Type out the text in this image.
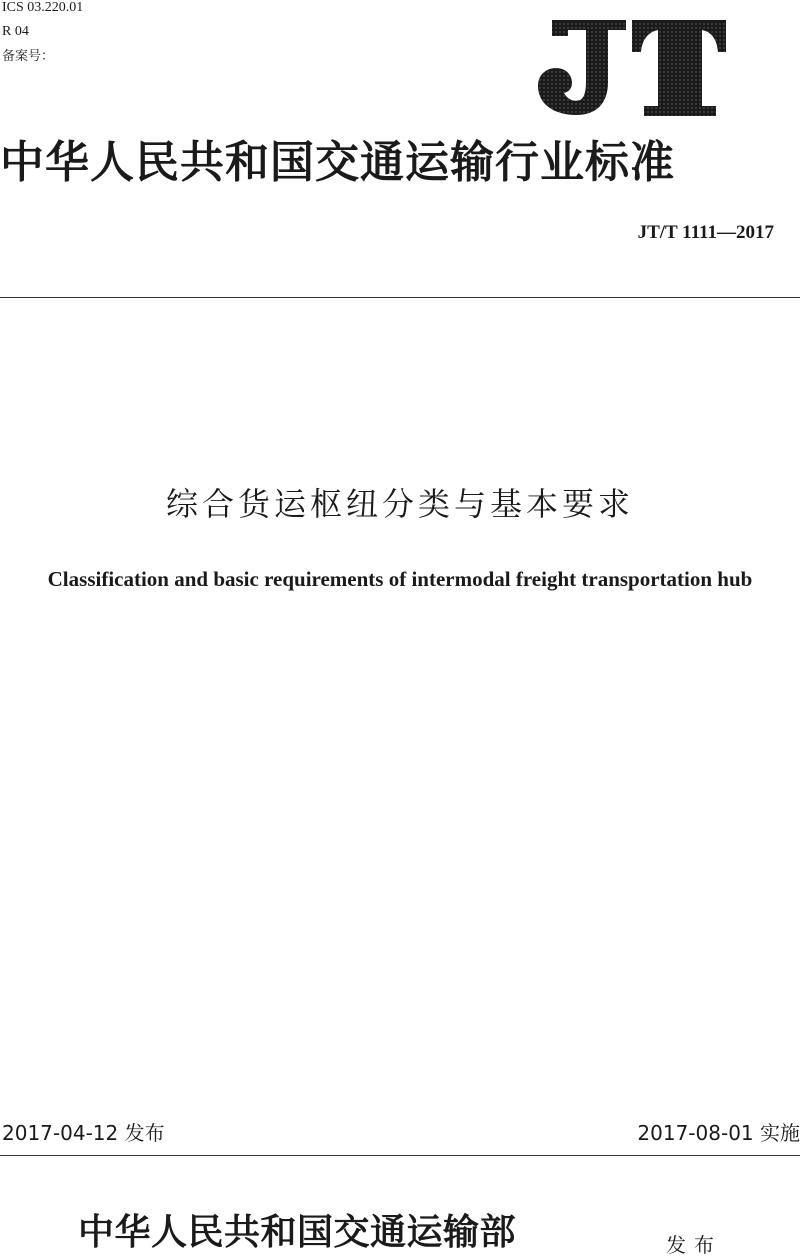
ICS 03.220.01
R 04
备案号：
中华人民共和国交通运输行业标准
JT/T 1111—2017
综合货运枢纽分类与基本要求
Classification and basic requirements of intermodal freight transportation hub
2017-04-12 发布	2017-08-01 实施
中华人民共和国交通运输部	发布
